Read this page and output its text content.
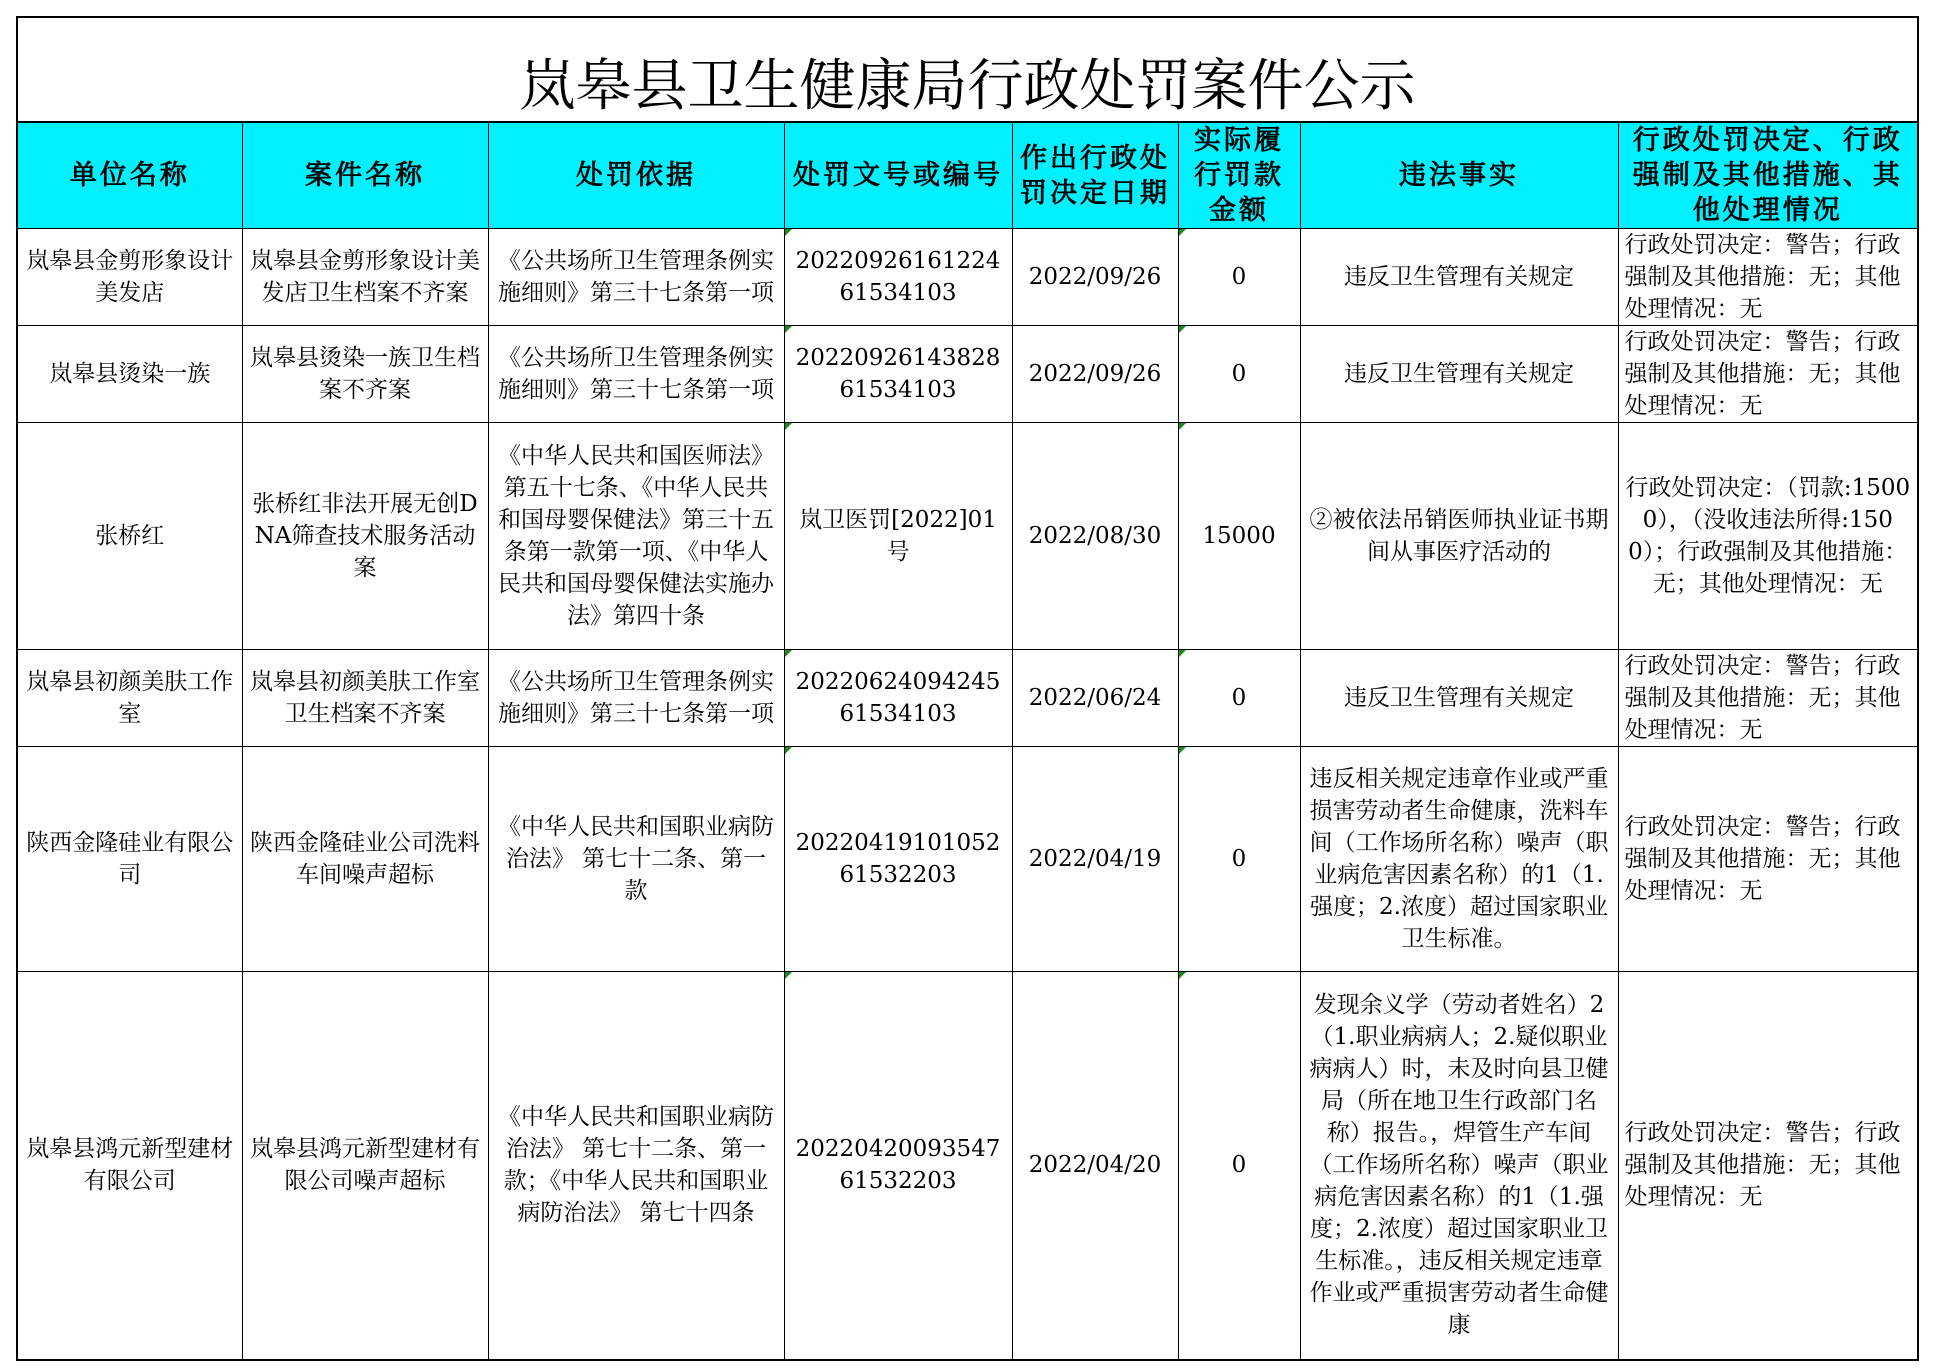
岚皋县卫生健康局行政处罚案件公示
单位名称	案件名称	处罚依据	处罚文号或编号	作出行政处罚决定日期	实际履行罚款金额	违法事实	行政处罚决定、行政强制及其他措施、其他处理情况
岚皋县金剪形象设计美发店	岚皋县金剪形象设计美发店卫生档案不齐案	《公共场所卫生管理条例实施细则》第三十七条第一项	2022092616122461534103	2022/09/26	0	违反卫生管理有关规定	行政处罚决定：警告；行政强制及其他措施：无；其他处理情况：无
岚皋县烫染一族	岚皋县烫染一族卫生档案不齐案	《公共场所卫生管理条例实施细则》第三十七条第一项	2022092614382861534103	2022/09/26	0	违反卫生管理有关规定	行政处罚决定：警告；行政强制及其他措施：无；其他处理情况：无
张桥红	张桥红非法开展无创DNA筛查技术服务活动案	《中华人民共和国医师法》第五十七条、《中华人民共和国母婴保健法》第三十五条第一款第一项、《中华人民共和国母婴保健法实施办法》第四十条	岚卫医罚[2022]01号	2022/08/30	15000	②被依法吊销医师执业证书期间从事医疗活动的	行政处罚决定：（罚款:15000），（没收违法所得:1500）；行政强制及其他措施：无；其他处理情况：无
岚皋县初颜美肤工作室	岚皋县初颜美肤工作室卫生档案不齐案	《公共场所卫生管理条例实施细则》第三十七条第一项	2022062409424561534103	2022/06/24	0	违反卫生管理有关规定	行政处罚决定：警告；行政强制及其他措施：无；其他处理情况：无
陕西金隆硅业有限公司	陕西金隆硅业公司洗料车间噪声超标	《中华人民共和国职业病防治法》 第七十二条、第一款	2022041910105261532203	2022/04/19	0	违反相关规定违章作业或严重损害劳动者生命健康，洗料车间（工作场所名称）噪声（职业病危害因素名称）的1（1.强度；2.浓度）超过国家职业卫生标准。	行政处罚决定：警告；行政强制及其他措施：无；其他处理情况：无
岚皋县鸿元新型建材有限公司	岚皋县鸿元新型建材有限公司噪声超标	《中华人民共和国职业病防治法》 第七十二条、第一款；《中华人民共和国职业病防治法》 第七十四条	2022042009354761532203	2022/04/20	0	发现余义学（劳动者姓名）2（1.职业病病人；2.疑似职业病病人）时，未及时向县卫健局（所在地卫生行政部门名称）报告。，焊管生产车间（工作场所名称）噪声（职业病危害因素名称）的1（1.强度；2.浓度）超过国家职业卫生标准。，违反相关规定违章作业或严重损害劳动者生命健康	行政处罚决定：警告；行政强制及其他措施：无；其他处理情况：无
